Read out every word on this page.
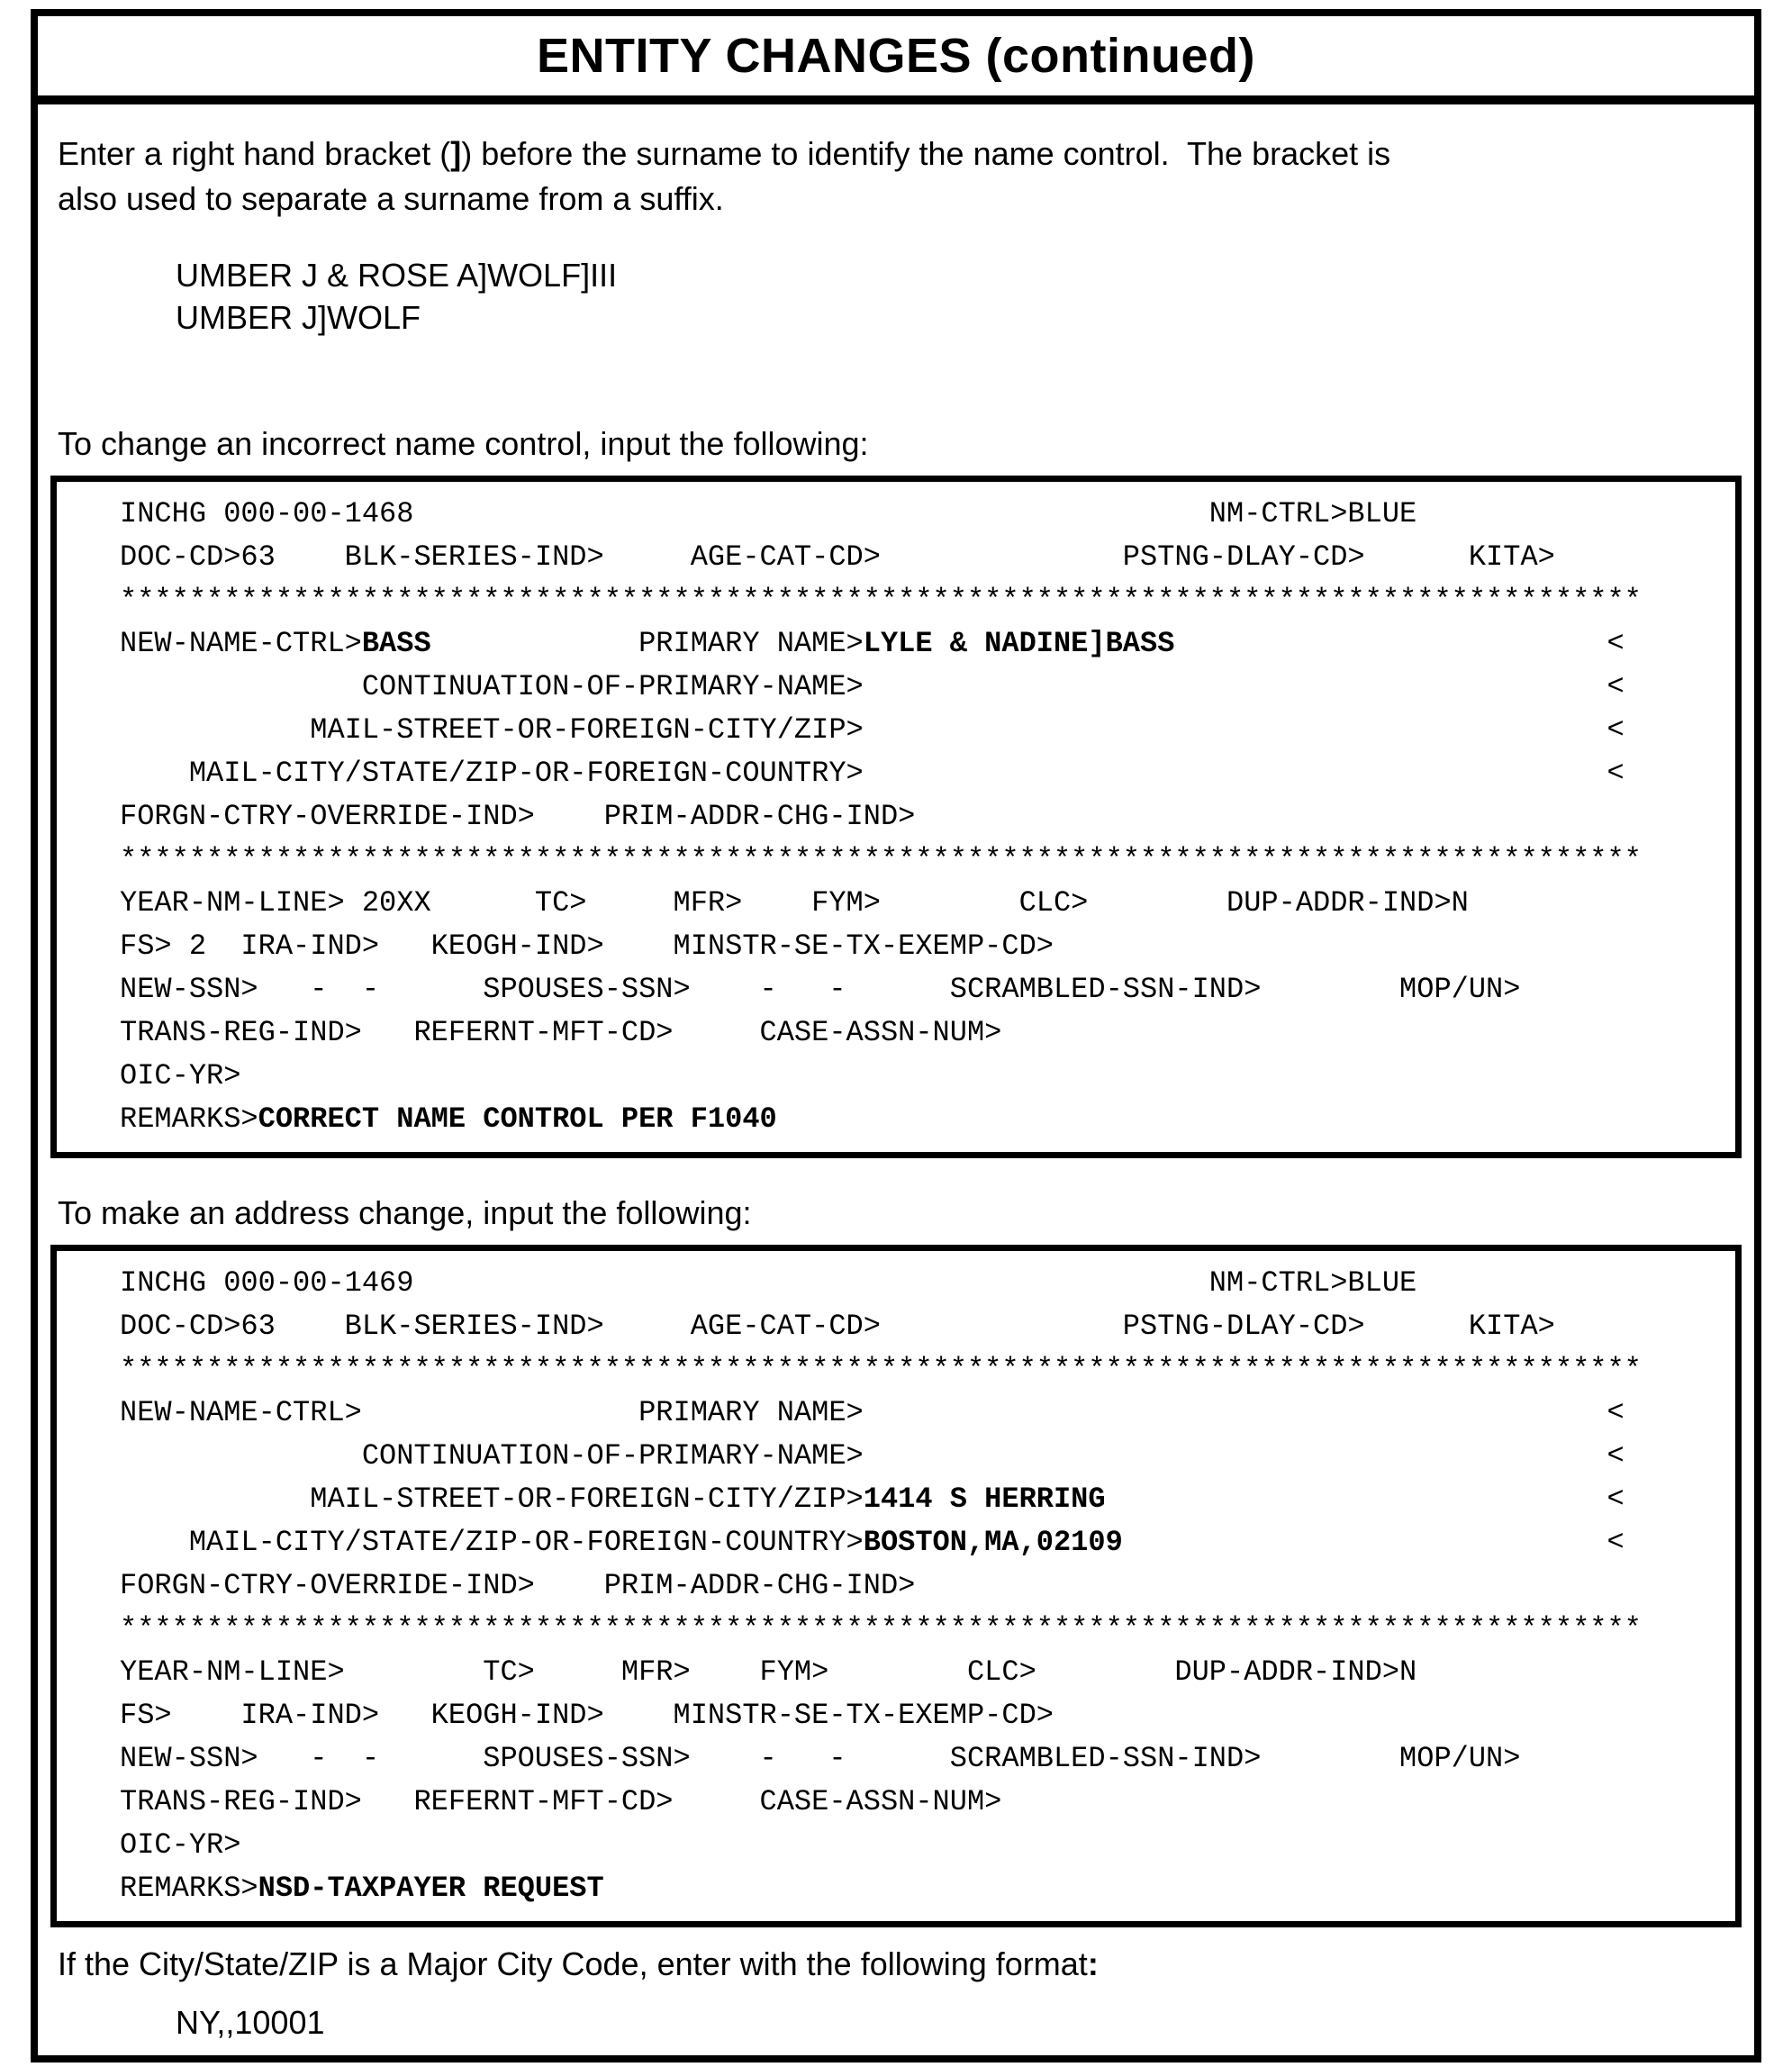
ENTITY CHANGES (continued)
Enter a right hand bracket (]) before the surname to identify the name control.  The bracket is
also used to separate a surname from a suffix.
UMBER J & ROSE A]WOLF]III
UMBER J]WOLF
To change an incorrect name control, input the following:
INCHG 000-00-1468                                              NM-CTRL>BLUE
DOC-CD>63    BLK-SERIES-IND>     AGE-CAT-CD>              PSTNG-DLAY-CD>      KITA>
****************************************************************************************
NEW-NAME-CTRL>BASS            PRIMARY NAME>LYLE & NADINE]BASS                         <
CONTINUATION-OF-PRIMARY-NAME>                                           <
MAIL-STREET-OR-FOREIGN-CITY/ZIP>                                           <
MAIL-CITY/STATE/ZIP-OR-FOREIGN-COUNTRY>                                           <
FORGN-CTRY-OVERRIDE-IND>    PRIM-ADDR-CHG-IND>
****************************************************************************************
YEAR-NM-LINE> 20XX      TC>     MFR>    FYM>        CLC>        DUP-ADDR-IND>N
FS> 2  IRA-IND>   KEOGH-IND>    MINSTR-SE-TX-EXEMP-CD>
NEW-SSN>   -  -      SPOUSES-SSN>    -   -      SCRAMBLED-SSN-IND>        MOP/UN>
TRANS-REG-IND>   REFERNT-MFT-CD>     CASE-ASSN-NUM>
OIC-YR>
REMARKS>CORRECT NAME CONTROL PER F1040
To make an address change, input the following:
INCHG 000-00-1469                                              NM-CTRL>BLUE
DOC-CD>63    BLK-SERIES-IND>     AGE-CAT-CD>              PSTNG-DLAY-CD>      KITA>
****************************************************************************************
NEW-NAME-CTRL>                PRIMARY NAME>                                           <
CONTINUATION-OF-PRIMARY-NAME>                                           <
MAIL-STREET-OR-FOREIGN-CITY/ZIP>1414 S HERRING                             <
MAIL-CITY/STATE/ZIP-OR-FOREIGN-COUNTRY>BOSTON,MA,02109                            <
FORGN-CTRY-OVERRIDE-IND>    PRIM-ADDR-CHG-IND>
****************************************************************************************
YEAR-NM-LINE>        TC>     MFR>    FYM>        CLC>        DUP-ADDR-IND>N
FS>    IRA-IND>   KEOGH-IND>    MINSTR-SE-TX-EXEMP-CD>
NEW-SSN>   -  -      SPOUSES-SSN>    -   -      SCRAMBLED-SSN-IND>        MOP/UN>
TRANS-REG-IND>   REFERNT-MFT-CD>     CASE-ASSN-NUM>
OIC-YR>
REMARKS>NSD-TAXPAYER REQUEST
If the City/State/ZIP is a Major City Code, enter with the following format:
NY,,10001
